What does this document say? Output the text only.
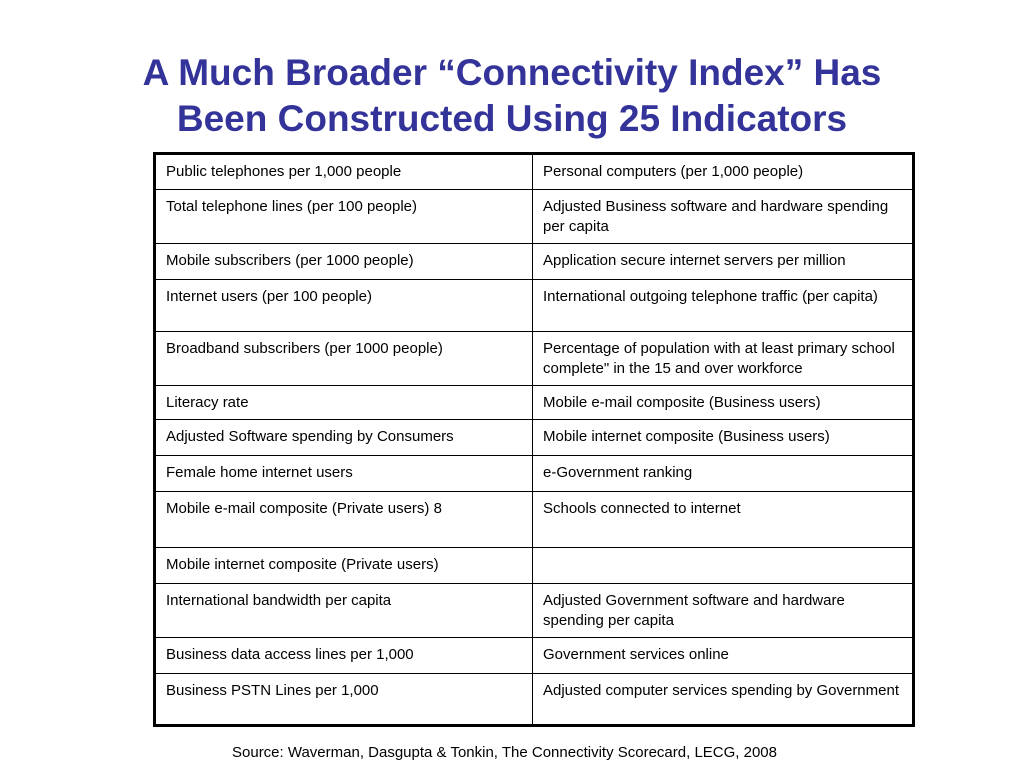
A Much Broader “Connectivity Index” Has
Been Constructed Using 25 Indicators
Public telephones per 1,000 people	Personal computers (per 1,000 people)
Total telephone lines (per 100 people)	Adjusted Business software and hardware spending per capita
Mobile subscribers (per 1000 people)	Application secure internet servers per million
Internet users (per 100 people)	International outgoing telephone traffic (per capita)
Broadband subscribers (per 1000 people)	Percentage of population with at least primary school complete" in the 15 and over workforce
Literacy rate	Mobile e-mail composite (Business users)
Adjusted Software spending by Consumers	Mobile internet composite (Business users)
Female home internet users	e-Government ranking
Mobile e-mail composite (Private users) 8	Schools connected to internet
Mobile internet composite (Private users)	
International bandwidth per capita	Adjusted Government software and hardware spending per capita
Business data access lines per 1,000	Government services online
Business PSTN Lines per 1,000	Adjusted computer services spending by Government
Source: Waverman, Dasgupta & Tonkin, The Connectivity Scorecard, LECG, 2008
